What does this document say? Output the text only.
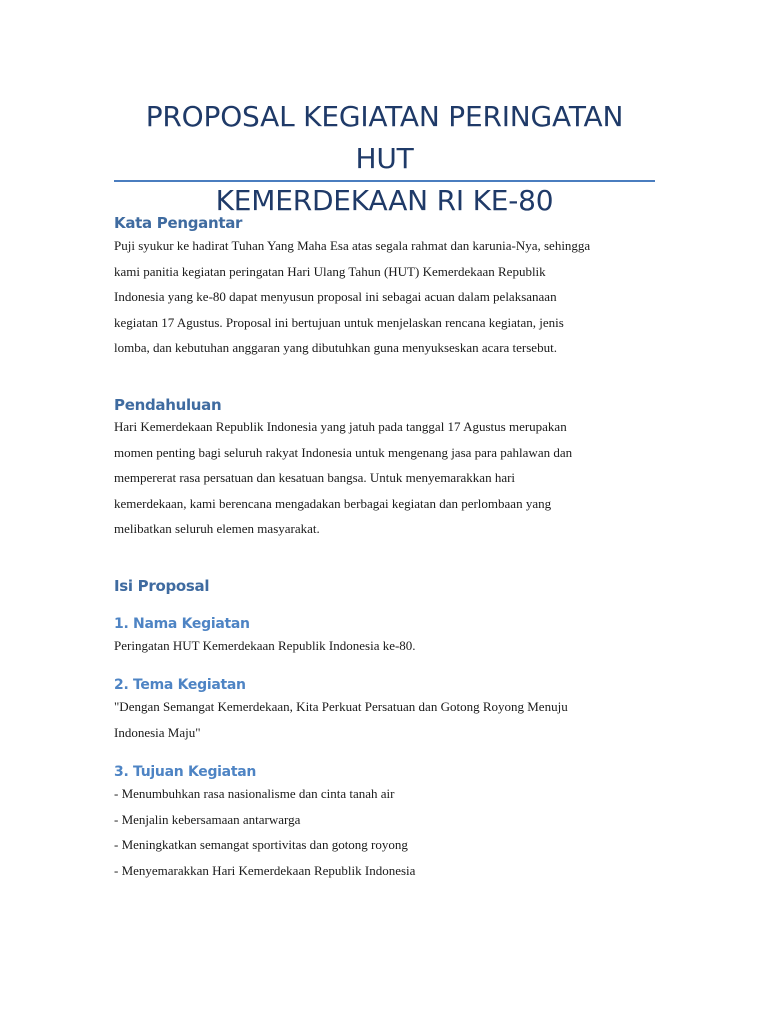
PROPOSAL KEGIATAN PERINGATAN HUT
KEMERDEKAAN RI KE-80
Kata Pengantar

Puji syukur ke hadirat Tuhan Yang Maha Esa atas segala rahmat dan karunia-Nya, sehingga
kami panitia kegiatan peringatan Hari Ulang Tahun (HUT) Kemerdekaan Republik
Indonesia yang ke-80 dapat menyusun proposal ini sebagai acuan dalam pelaksanaan
kegiatan 17 Agustus. Proposal ini bertujuan untuk menjelaskan rencana kegiatan, jenis
lomba, dan kebutuhan anggaran yang dibutuhkan guna menyukseskan acara tersebut.

Pendahuluan

Hari Kemerdekaan Republik Indonesia yang jatuh pada tanggal 17 Agustus merupakan
momen penting bagi seluruh rakyat Indonesia untuk mengenang jasa para pahlawan dan
mempererat rasa persatuan dan kesatuan bangsa. Untuk menyemarakkan hari
kemerdekaan, kami berencana mengadakan berbagai kegiatan dan perlombaan yang
melibatkan seluruh elemen masyarakat.

Isi Proposal
1. Nama Kegiatan

Peringatan HUT Kemerdekaan Republik Indonesia ke-80.

2. Tema Kegiatan

"Dengan Semangat Kemerdekaan, Kita Perkuat Persatuan dan Gotong Royong Menuju
Indonesia Maju"

3. Tujuan Kegiatan
- Menumbuhkan rasa nasionalisme dan cinta tanah air
- Menjalin kebersamaan antarwarga
- Meningkatkan semangat sportivitas dan gotong royong
- Menyemarakkan Hari Kemerdekaan Republik Indonesia
